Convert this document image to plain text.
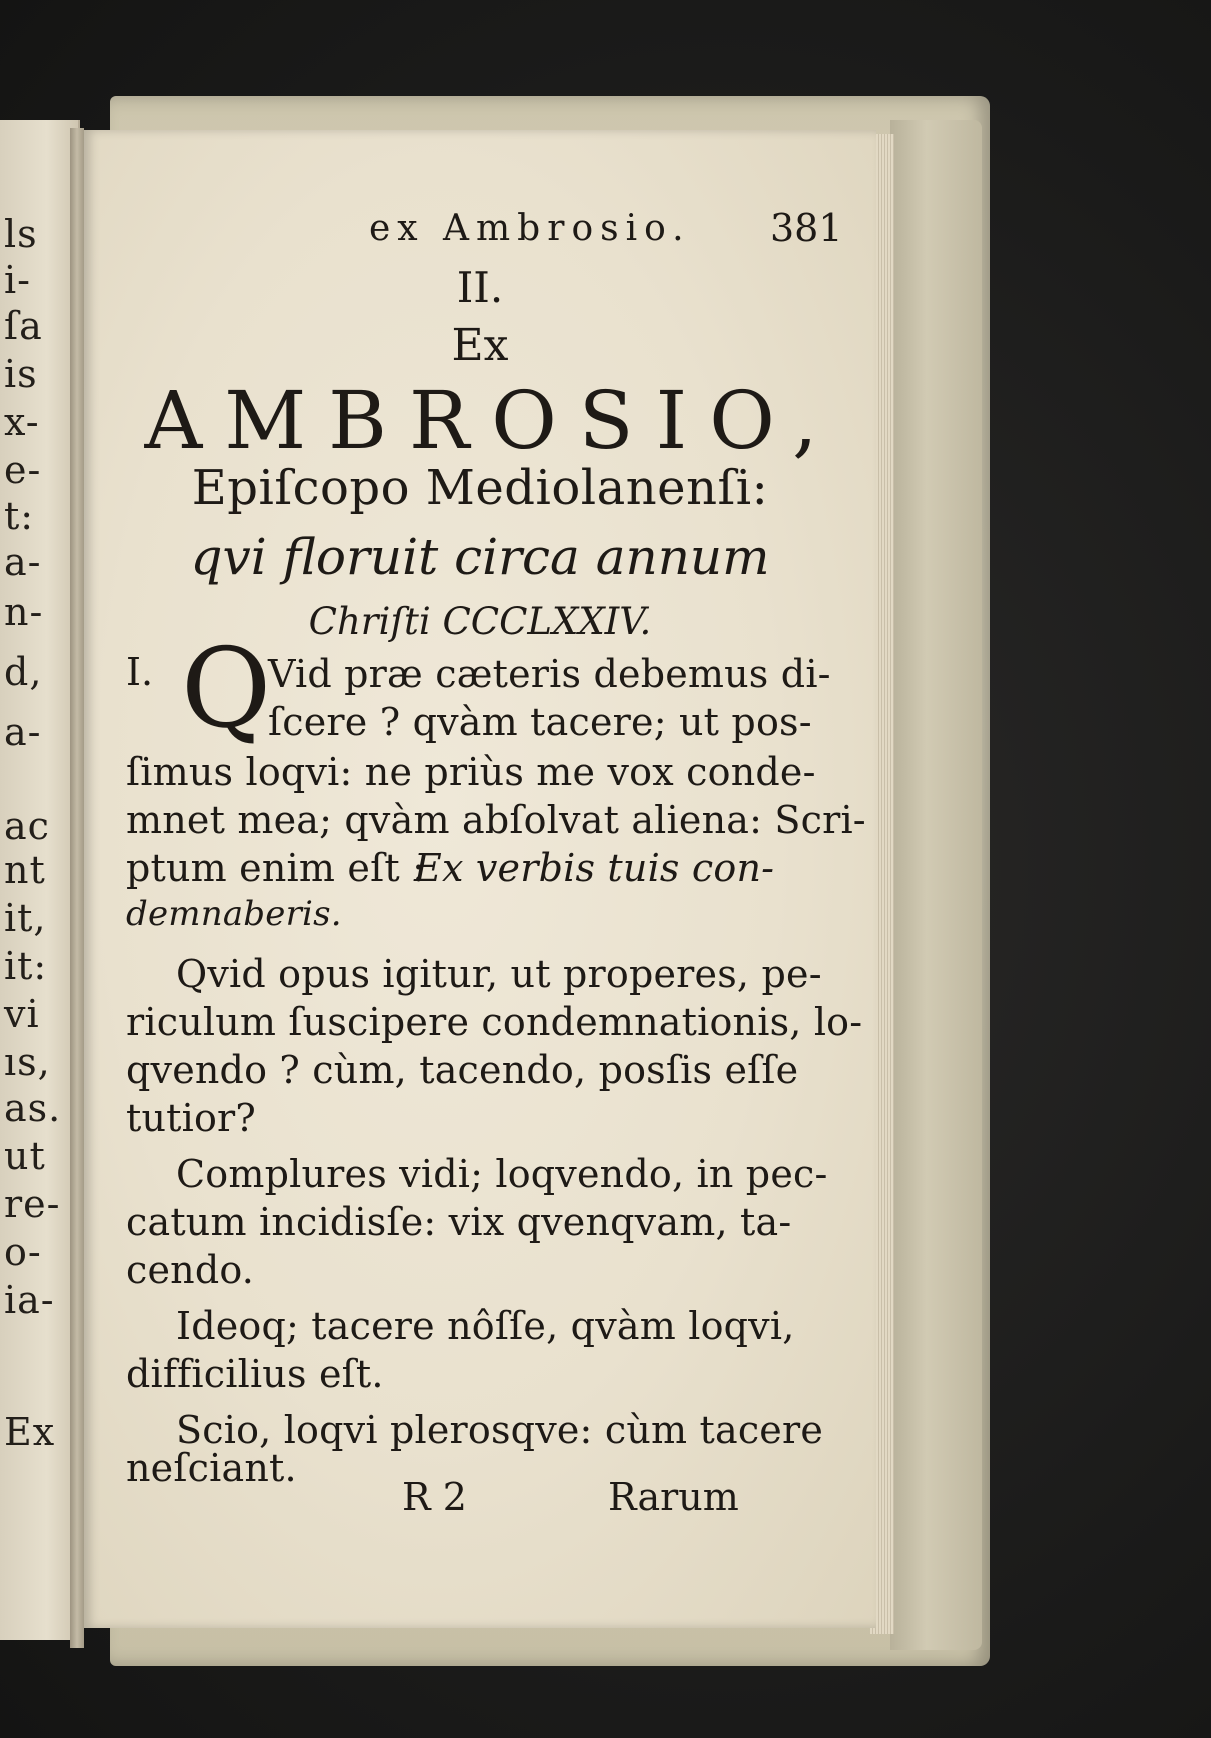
ls
i-
ſa
is
x-
e-
t:
a-
n-
d,
a-
ac
nt
it,
it:
vi
ıs,
as.
ut
re-
o-
ia-
Ex
ex Ambrosio. 381
II.
Ex
AMBROSIO,
Epiſcopo Mediolanenſi:
qvi floruit circa annum
Chriſti CCCLXXIV.
I. Q
Vid præ cæteris debemus di-
ſcere ? qvàm tacere; ut pos-
ſimus loqvi: ne priùs me vox conde-
mnet mea; qvàm abſolvat aliena: Scri-
ptum enim eſt :
Ex verbis tuis con-
demnaberis.
Qvid opus igitur, ut properes, pe-
riculum ſuscipere condemnationis, lo-
qvendo ? cùm, tacendo, posſis eſſe
tutior?
Complures vidi; loqvendo, in pec-
catum incidisſe: vix qvenqvam, ta-
cendo.
Ideoq; tacere nôſſe, qvàm loqvi,
difficilius eſt.
Scio, loqvi plerosqve: cùm tacere
neſciant.
R 2	Rarum
